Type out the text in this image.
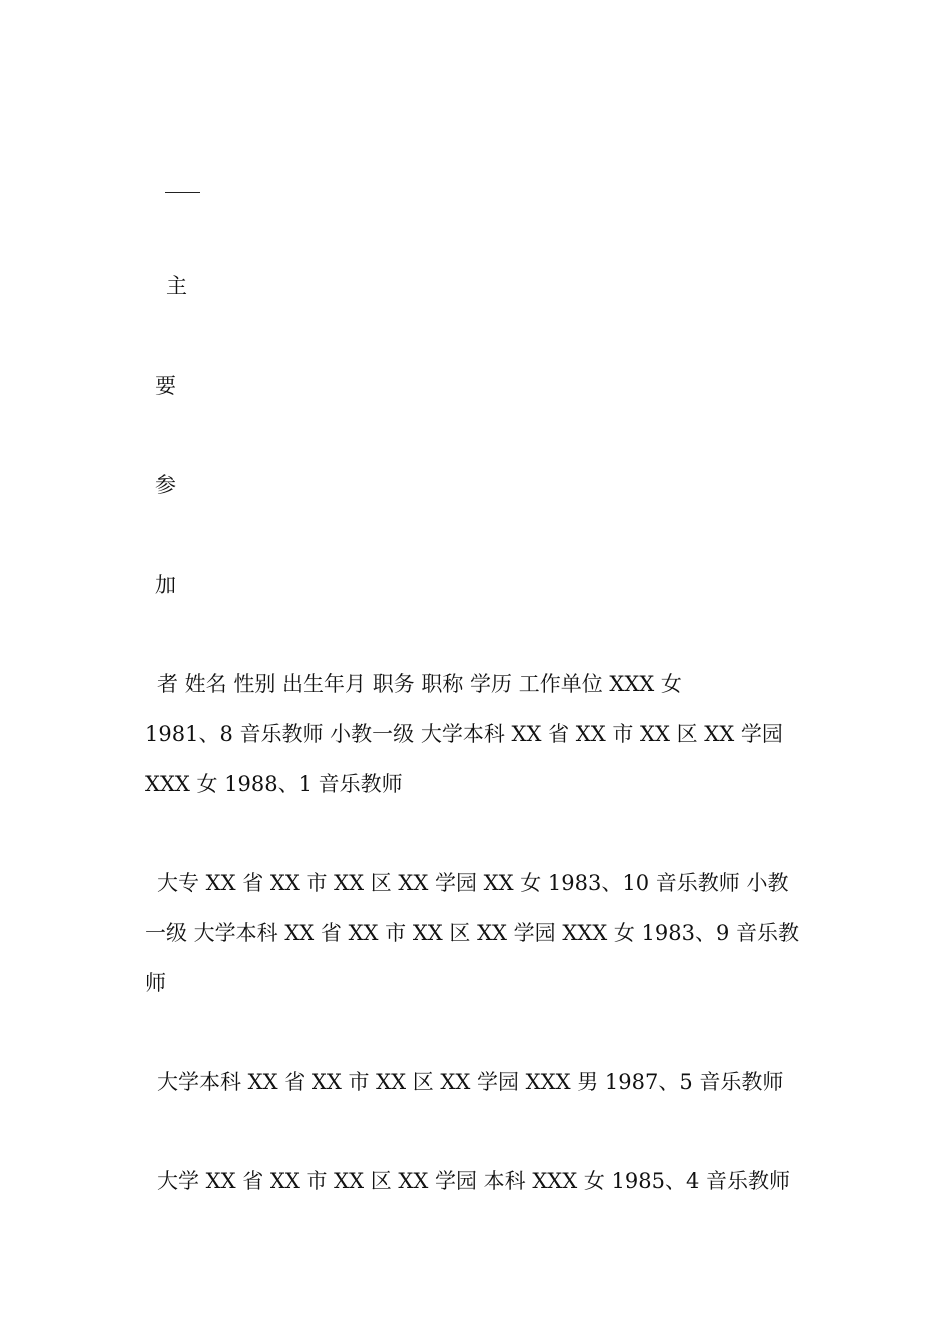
主
要
参
加
者 姓名 性别 出生年月 职务 职称 学历 工作单位 XXX 女
1981、8 音乐教师 小教一级 大学本科 XX 省 XX 市 XX 区 XX 学园
XXX 女 1988、1 音乐教师
大专 XX 省 XX 市 XX 区 XX 学园 XX 女 1983、10 音乐教师 小教
一级 大学本科 XX 省 XX 市 XX 区 XX 学园 XXX 女 1983、9 音乐教
师
大学本科 XX 省 XX 市 XX 区 XX 学园 XXX 男 1987、5 音乐教师
大学 XX 省 XX 市 XX 区 XX 学园 本科 XXX 女 1985、4 音乐教师
